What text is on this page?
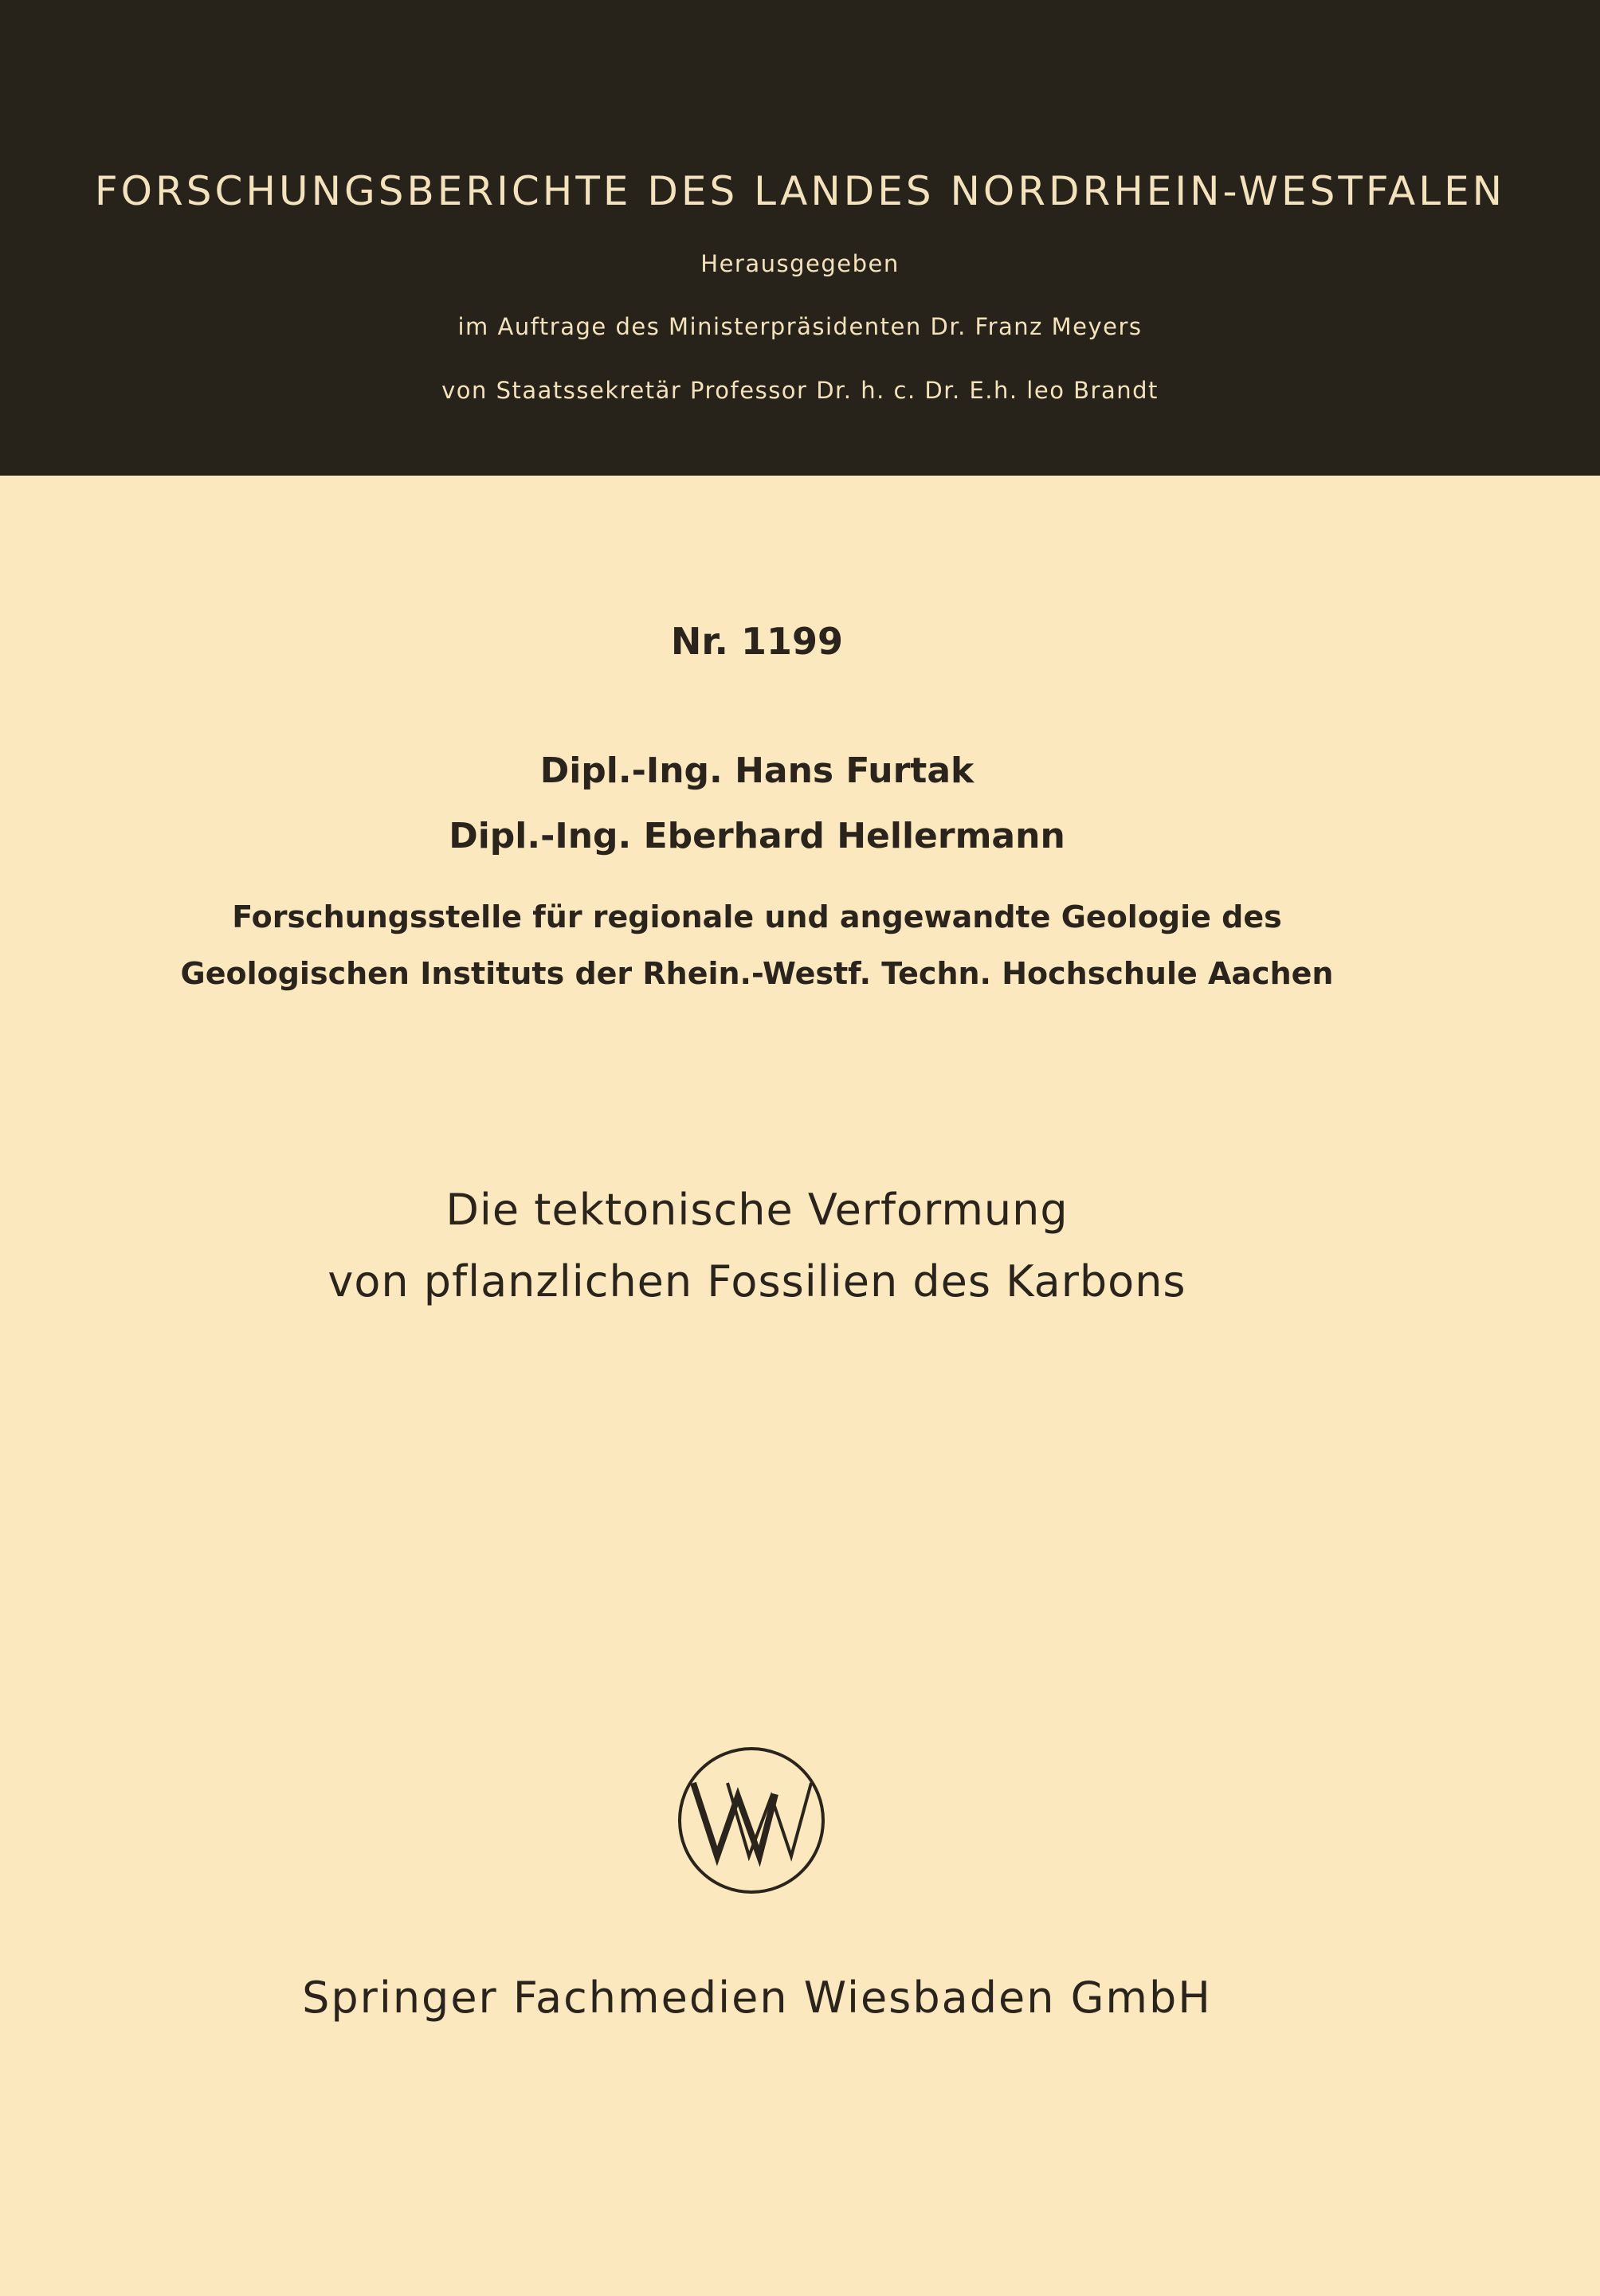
FORSCHUNGSBERICHTE DES LANDES NORDRHEIN-WESTFALEN
Herausgegeben
im Auftrage des Ministerpräsidenten Dr. Franz Meyers
von Staatssekretär Professor Dr. h. c. Dr. E.h. leo Brandt
Nr. 1199
Dipl.-Ing. Hans Furtak
Dipl.-Ing. Eberhard Hellermann
Forschungsstelle für regionale und angewandte Geologie des
Geologischen Instituts der Rhein.-Westf. Techn. Hochschule Aachen
Die tektonische Verformung
von pflanzlichen Fossilien des Karbons
Springer Fachmedien Wiesbaden GmbH
